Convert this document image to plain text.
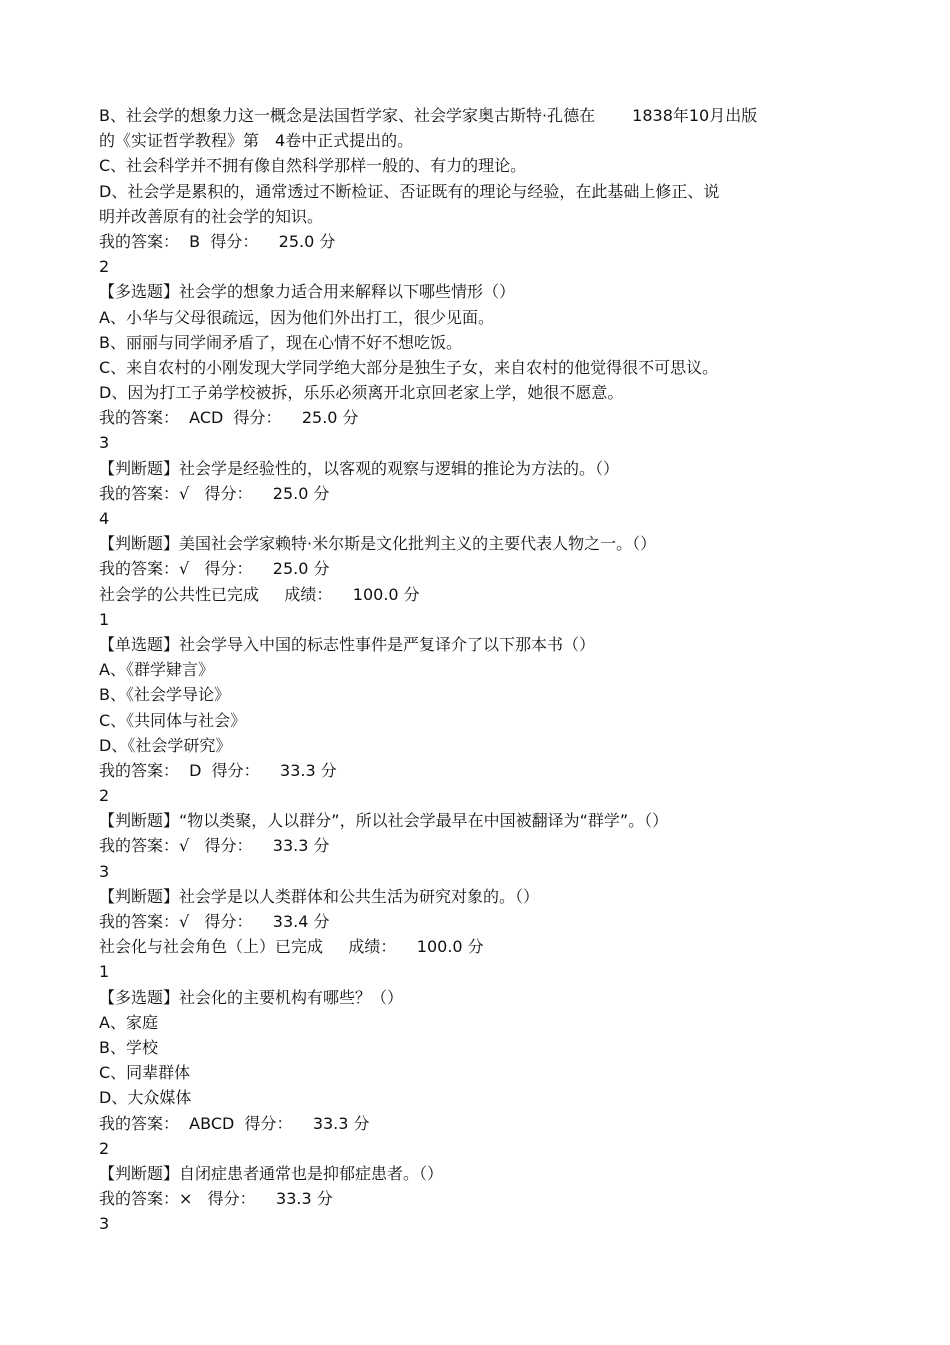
B、社会学的想象力这一概念是法国哲学家、社会学家奥古斯特·孔德在　　 1838年10月出版
的《实证哲学教程》第　4卷中正式提出的。
C、社会科学并不拥有像自然科学那样一般的、有力的理论。
D、社会学是累积的，通常透过不断检证、否证既有的理论与经验，在此基础上修正、说
明并改善原有的社会学的知识。
我的答案：  B  得分：    25.0 分
2
【多选题】社会学的想象力适合用来解释以下哪些情形（）
A、小华与父母很疏远，因为他们外出打工，很少见面。
B、丽丽与同学闹矛盾了，现在心情不好不想吃饭。
C、来自农村的小刚发现大学同学绝大部分是独生子女，来自农村的他觉得很不可思议。
D、因为打工子弟学校被拆，乐乐必须离开北京回老家上学，她很不愿意。
我的答案：  ACD  得分：    25.0 分
3
【判断题】社会学是经验性的，以客观的观察与逻辑的推论为方法的。（）
我的答案：√   得分：    25.0 分
4
【判断题】美国社会学家赖特·米尔斯是文化批判主义的主要代表人物之一。（）
我的答案：√   得分：    25.0 分
社会学的公共性已完成     成绩：    100.0 分
1
【单选题】社会学导入中国的标志性事件是严复译介了以下那本书（）
A、《群学肄言》
B、《社会学导论》
C、《共同体与社会》
D、《社会学研究》
我的答案：  D  得分：    33.3 分
2
【判断题】“物以类聚，人以群分”，所以社会学最早在中国被翻译为“群学”。（）
我的答案：√   得分：    33.3 分
3
【判断题】社会学是以人类群体和公共生活为研究对象的。（）
我的答案：√   得分：    33.4 分
社会化与社会角色（上）已完成     成绩：    100.0 分
1
【多选题】社会化的主要机构有哪些？（）
A、家庭
B、学校
C、同辈群体
D、大众媒体
我的答案：  ABCD  得分：    33.3 分
2
【判断题】自闭症患者通常也是抑郁症患者。（）
我的答案：×   得分：    33.3 分
3
